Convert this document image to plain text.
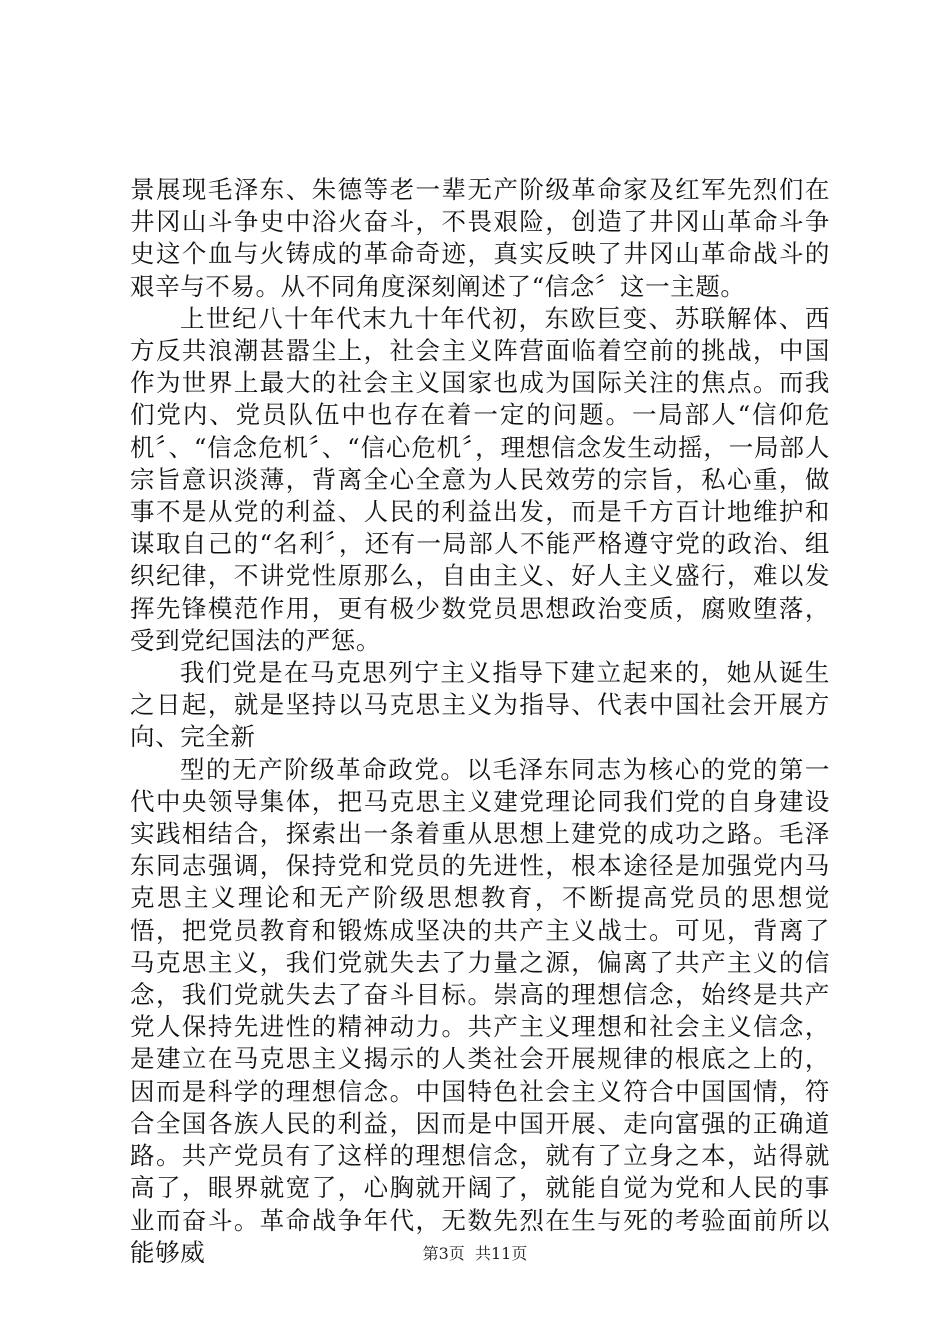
景展现毛泽东、朱德等老一辈无产阶级革命家及红军先烈们在井冈山斗争史中浴火奋斗，不畏艰险，创造了井冈山革命斗争史这个血与火铸成的革命奇迹，真实反映了井冈山革命战斗的艰辛与不易。从不同角度深刻阐述了“信念〞这一主题。

上世纪八十年代末九十年代初，东欧巨变、苏联解体、西方反共浪潮甚嚣尘上，社会主义阵营面临着空前的挑战，中国作为世界上最大的社会主义国家也成为国际关注的焦点。而我们党内、党员队伍中也存在着一定的问题。一局部人“信仰危机〞、“信念危机〞、“信心危机〞，理想信念发生动摇，一局部人宗旨意识淡薄，背离全心全意为人民效劳的宗旨，私心重，做事不是从党的利益、人民的利益出发，而是千方百计地维护和谋取自己的“名利〞，还有一局部人不能严格遵守党的政治、组织纪律，不讲党性原那么，自由主义、好人主义盛行，难以发挥先锋模范作用，更有极少数党员思想政治变质，腐败堕落，受到党纪国法的严惩。

我们党是在马克思列宁主义指导下建立起来的，她从诞生之日起，就是坚持以马克思主义为指导、代表中国社会开展方向、完全新

型的无产阶级革命政党。以毛泽东同志为核心的党的第一代中央领导集体，把马克思主义建党理论同我们党的自身建设实践相结合，探索出一条着重从思想上建党的成功之路。毛泽东同志强调，保持党和党员的先进性，根本途径是加强党内马克思主义理论和无产阶级思想教育，不断提高党员的思想觉悟，把党员教育和锻炼成坚决的共产主义战士。可见，背离了马克思主义，我们党就失去了力量之源，偏离了共产主义的信念，我们党就失去了奋斗目标。崇高的理想信念，始终是共产党人保持先进性的精神动力。共产主义理想和社会主义信念，是建立在马克思主义揭示的人类社会开展规律的根底之上的，因而是科学的理想信念。中国特色社会主义符合中国国情，符合全国各族人民的利益，因而是中国开展、走向富强的正确道路。共产党员有了这样的理想信念，就有了立身之本，站得就高了，眼界就宽了，心胸就开阔了，就能自觉为党和人民的事业而奋斗。革命战争年代，无数先烈在生与死的考验面前所以能够威	第3页 共11页
